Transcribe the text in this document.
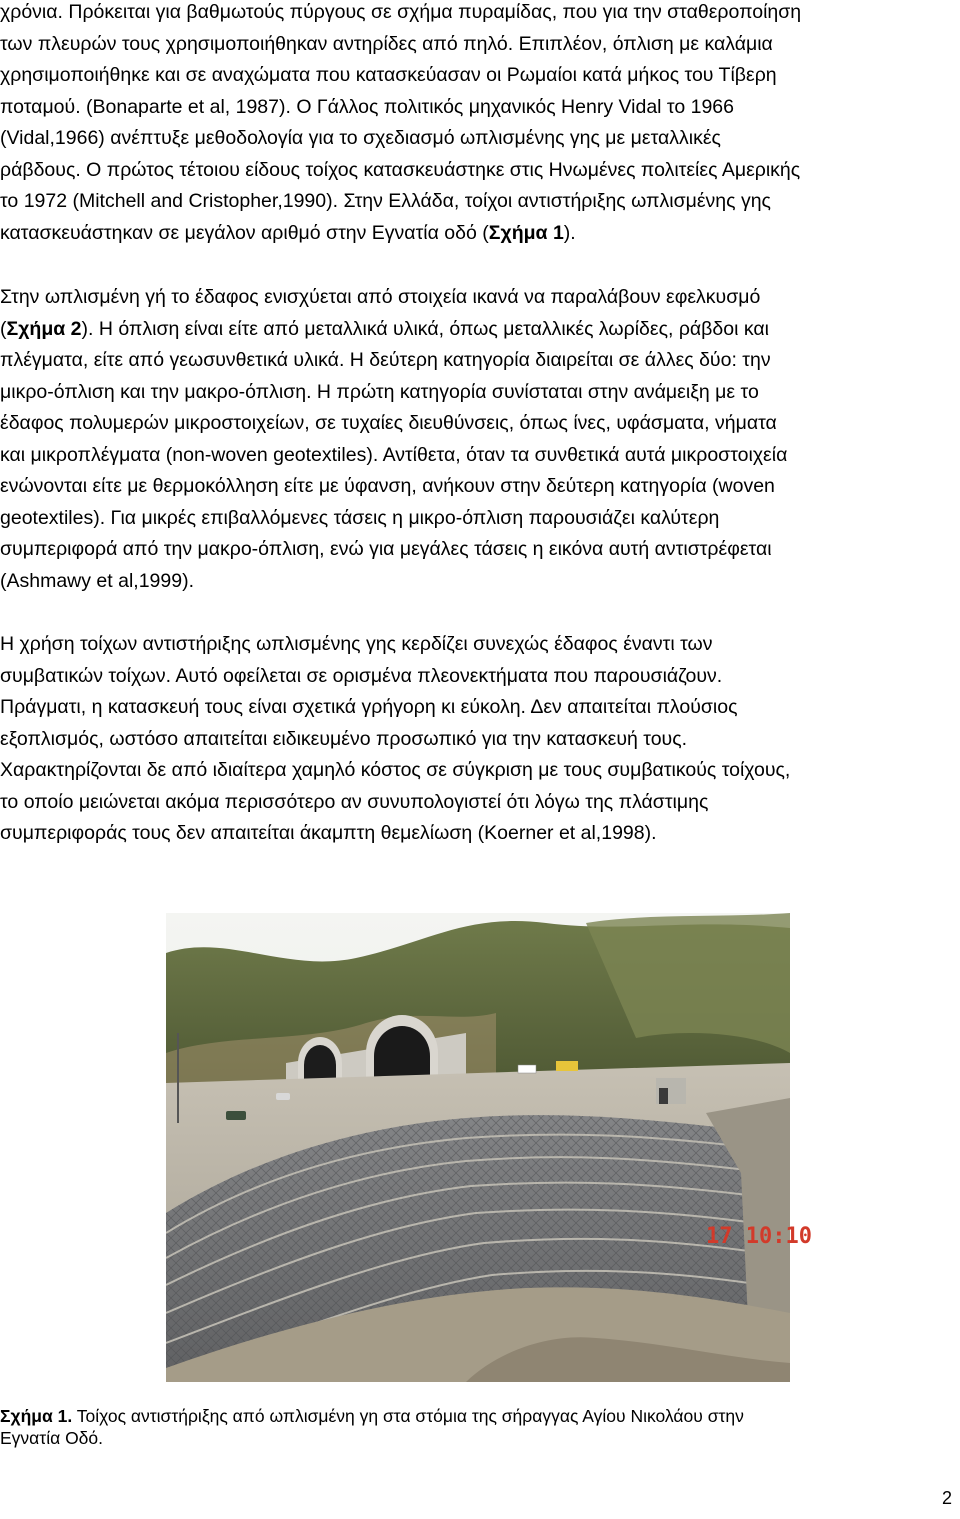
χρόνια. Πρόκειται για βαθμωτούς πύργους σε σχήμα πυραμίδας, που για την σταθεροποίηση
των πλευρών τους χρησιμοποιήθηκαν αντηρίδες από πηλό. Επιπλέον, όπλιση με καλάμια
χρησιμοποιήθηκε και σε αναχώματα που κατασκεύασαν οι Ρωμαίοι κατά μήκος του Τίβερη
ποταμού. (Bonaparte et al, 1987). Ο Γάλλος πολιτικός μηχανικός Henry Vidal το 1966
(Vidal,1966) ανέπτυξε μεθοδολογία για το σχεδιασμό ωπλισμένης γης με μεταλλικές
ράβδους. Ο πρώτος τέτοιου είδους τοίχος κατασκευάστηκε στις Ηνωμένες πολιτείες Αμερικής
το 1972 (Mitchell and Cristopher,1990). Στην Ελλάδα, τοίχοι αντιστήριξης ωπλισμένης γης
κατασκευάστηκαν σε μεγάλον αριθμό στην Εγνατία οδό (Σχήμα 1).

Στην ωπλισμένη γή το έδαφος ενισχύεται από στοιχεία ικανά να παραλάβουν εφελκυσμό
(Σχήμα 2). Η όπλιση είναι είτε από μεταλλικά υλικά, όπως μεταλλικές λωρίδες, ράβδοι και
πλέγματα, είτε από γεωσυνθετικά υλικά. Η δεύτερη κατηγορία διαιρείται σε άλλες δύο: την
μικρο-όπλιση και την μακρο-όπλιση. Η πρώτη κατηγορία συνίσταται στην ανάμειξη με το
έδαφος πολυμερών μικροστοιχείων, σε τυχαίες διευθύνσεις, όπως ίνες, υφάσματα, νήματα
και μικροπλέγματα (non-woven geotextiles). Αντίθετα, όταν τα συνθετικά αυτά μικροστοιχεία
ενώνονται είτε με θερμοκόλληση είτε με ύφανση, ανήκουν στην δεύτερη κατηγορία (woven
geotextiles). Για μικρές επιβαλλόμενες τάσεις η μικρο-όπλιση παρουσιάζει καλύτερη
συμπεριφορά από την μακρο-όπλιση, ενώ για μεγάλες τάσεις η εικόνα αυτή αντιστρέφεται
(Ashmawy et al,1999).

Η χρήση τοίχων αντιστήριξης ωπλισμένης γης κερδίζει συνεχώς έδαφος έναντι των
συμβατικών τοίχων. Αυτό οφείλεται σε ορισμένα πλεονεκτήματα που παρουσιάζουν.
Πράγματι, η κατασκευή τους είναι σχετικά γρήγορη κι εύκολη. Δεν απαιτείται πλούσιος
εξοπλισμός, ωστόσο απαιτείται ειδικευμένο προσωπικό για την κατασκευή τους.
Χαρακτηρίζονται δε από ιδιαίτερα χαμηλό κόστος σε σύγκριση με τους συμβατικούς τοίχους,
το οποίο μειώνεται ακόμα περισσότερο αν συνυπολογιστεί ότι λόγω της πλάστιμης
συμπεριφοράς τους δεν απαιτείται άκαμπτη θεμελίωση (Koerner et al,1998).

17 10:10
Σχήμα 1. Τοίχος αντιστήριξης από ωπλισμένη γη στα στόμια της σήραγγας Αγίου Νικολάου στην
Εγνατία Οδό.
2
